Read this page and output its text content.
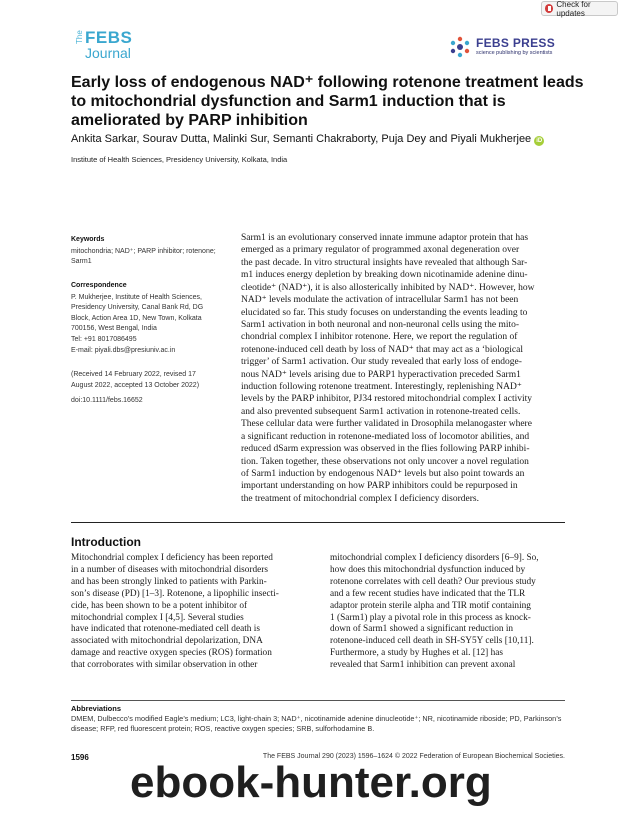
Check for updates
The FEBS
Journal
FEBS PRESS
science publishing by scientists
Early loss of endogenous NAD⁺ following rotenone treatment leads to mitochondrial dysfunction and Sarm1 induction that is ameliorated by PARP inhibition
Ankita Sarkar, Sourav Dutta, Malinki Sur, Semanti Chakraborty, Puja Dey and Piyali Mukherjee iD
Institute of Health Sciences, Presidency University, Kolkata, India
Keywords
mitochondria; NAD⁺; PARP inhibitor; rotenone; Sarm1
Correspondence
P. Mukherjee, Institute of Health Sciences,
Presidency University, Canal Bank Rd, DG
Block, Action Area 1D, New Town, Kolkata
700156, West Bengal, India
Tel: +91 8017086495
E-mail: piyali.dbs@presiuniv.ac.in
(Received 14 February 2022, revised 17
August 2022, accepted 13 October 2022)
doi:10.1111/febs.16652
Sarm1 is an evolutionary conserved innate immune adaptor protein that has
emerged as a primary regulator of programmed axonal degeneration over
the past decade. In vitro structural insights have revealed that although Sar-
m1 induces energy depletion by breaking down nicotinamide adenine dinu-
cleotide⁺ (NAD⁺), it is also allosterically inhibited by NAD⁺. However, how
NAD⁺ levels modulate the activation of intracellular Sarm1 has not been
elucidated so far. This study focuses on understanding the events leading to
Sarm1 activation in both neuronal and non-neuronal cells using the mito-
chondrial complex I inhibitor rotenone. Here, we report the regulation of
rotenone-induced cell death by loss of NAD⁺ that may act as a ‘biological
trigger’ of Sarm1 activation. Our study revealed that early loss of endoge-
nous NAD⁺ levels arising due to PARP1 hyperactivation preceded Sarm1
induction following rotenone treatment. Interestingly, replenishing NAD⁺
levels by the PARP inhibitor, PJ34 restored mitochondrial complex I activity
and also prevented subsequent Sarm1 activation in rotenone-treated cells.
These cellular data were further validated in Drosophila melanogaster where
a significant reduction in rotenone-mediated loss of locomotor abilities, and
reduced dSarm expression was observed in the flies following PARP inhibi-
tion. Taken together, these observations not only uncover a novel regulation
of Sarm1 induction by endogenous NAD⁺ levels but also point towards an
important understanding on how PARP inhibitors could be repurposed in
the treatment of mitochondrial complex I deficiency disorders.
Introduction
Mitochondrial complex I deficiency has been reported
in a number of diseases with mitochondrial disorders
and has been strongly linked to patients with Parkin-
son’s disease (PD) [1–3]. Rotenone, a lipophilic insecti-
cide, has been shown to be a potent inhibitor of
mitochondrial complex I [4,5]. Several studies
have indicated that rotenone-mediated cell death is
associated with mitochondrial depolarization, DNA
damage and reactive oxygen species (ROS) formation
that corroborates with similar observation in other
mitochondrial complex I deficiency disorders [6–9]. So,
how does this mitochondrial dysfunction induced by
rotenone correlates with cell death? Our previous study
and a few recent studies have indicated that the TLR
adaptor protein sterile alpha and TIR motif containing
1 (Sarm1) play a pivotal role in this process as knock-
down of Sarm1 showed a significant reduction in
rotenone-induced cell death in SH-SY5Y cells [10,11].
Furthermore, a study by Hughes et al. [12] has
revealed that Sarm1 inhibition can prevent axonal
Abbreviations

DMEM, Dulbecco’s modified Eagle’s medium; LC3, light-chain 3; NAD⁺, nicotinamide adenine dinucleotide⁺; NR, nicotinamide riboside; PD, Parkinson’s disease; RFP, red fluorescent protein; ROS, reactive oxygen species; SRB, sulforhodamine B.

1596	The FEBS Journal 290 (2023) 1596–1624 © 2022 Federation of European Biochemical Societies.
ebook-hunter.org
